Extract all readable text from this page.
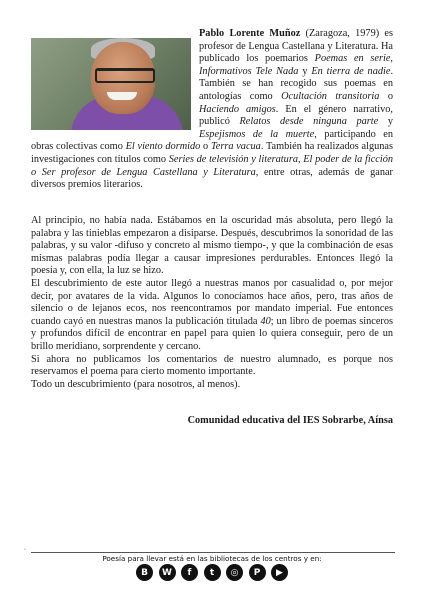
Pablo Lorente Muñoz (Zaragoza, 1979) es profesor de Lengua Castellana y Literatura. Ha publicado los poemarios Poemas en serie, Informativos Tele Nada y En tierra de nadie. También se han recogido sus poemas en antologías como Ocultación transitoria o Haciendo amigos. En el género narrativo, publicó Relatos desde ninguna parte y Espejismos de la muerte, participando en obras colectivas como El viento dormido o Terra vacua. También ha realizados algunas investigaciones con títulos como Series de televisión y literatura, El poder de la ficción o Ser profesor de Lengua Castellana y Literatura, entre otras, además de ganar diversos premios literarios.

Al principio, no había nada. Estábamos en la oscuridad más absoluta, pero llegó la palabra y las tinieblas empezaron a disiparse. Después, descubrimos la sonoridad de las palabras, y su valor -difuso y concreto al mismo tiempo-, y que la combinación de esas mismas palabras podía llegar a causar impresiones perdurables. Entonces llegó la poesía y, con ella, la luz se hizo.

El descubrimiento de este autor llegó a nuestras manos por casualidad o, por mejor decir, por avatares de la vida. Algunos lo conocíamos hace años, pero, tras años de silencio o de lejanos ecos, nos reencontramos por mandato imperial. Fue entonces cuando cayó en nuestras manos la publicación titulada 40; un libro de poemas sinceros y profundos difícil de encontrar en papel para quien lo quiera conseguir, pero de un brillo meridiano, sorprendente y cercano.

Si ahora no publicamos los comentarios de nuestro alumnado, es porque nos reservamos el poema para cierto momento importante.

Todo un descubrimiento (para nosotros, al menos).

Comunidad educativa del IES Sobrarbe, Aínsa
•
Poesía para llevar está en las bibliotecas de los centros y en:
B	W	f	t	◎	P	▶
